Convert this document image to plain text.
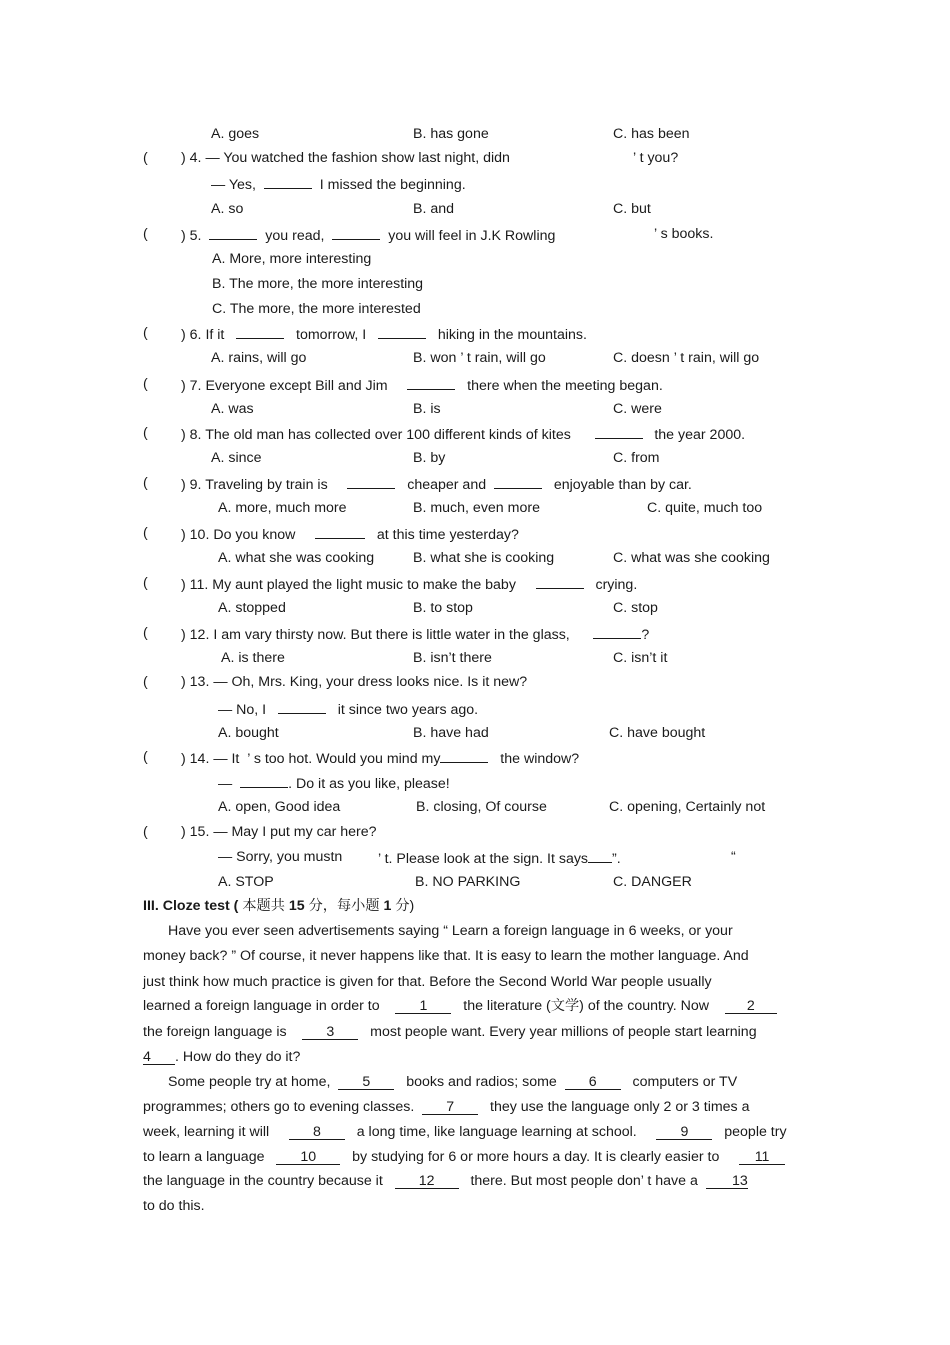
A. goes	B. has gone	C. has been
( ) 4. — You watched the fashion show last night, didn	’ t you?
— Yes,	I missed the beginning.
A. so	B. and	C. but
( ) 5.	you read,	you will feel in J.K Rowling	’ s books.
A. More, more interesting
B. The more, the more interesting
C. The more, the more interested
( ) 6. If it	tomorrow, I	hiking in the mountains.
A. rains, will go	B. won ’ t rain, will go	C. doesn ’ t rain, will go
( ) 7. Everyone except Bill and Jim	there when the meeting began.
A. was	B. is	C. were
( ) 8. The old man has collected over 100 different kinds of kites	the year 2000.
A. since	B. by	C. from
( ) 9. Traveling by train is	cheaper and	enjoyable than by car.
A. more, much more	B. much, even more	C. quite, much too
( ) 10. Do you know	at this time yesterday?
A. what she was cooking	B. what she is cooking	C. what was she cooking
( ) 11. My aunt played the light music to make the baby	crying.
A. stopped	B. to stop	C. stop
( ) 12. I am vary thirsty now. But there is little water in the glass,	?
A. is there	B. isn’t there	C. isn’t it
( ) 13. — Oh, Mrs. King, your dress looks nice. Is it new?
— No, I	it since two years ago.
A. bought	B. have had	C. have bought
( ) 14. — It ’ s too hot. Would you mind my	the window?
—	. Do it as you like, please!
A. open, Good idea	B. closing, Of course	C. opening, Certainly not
( ) 15. — May I put my car here?
— Sorry, you mustn	’ t. Please look at the sign. It says ”.	“
A. STOP	B. NO PARKING	C. DANGER
III. Cloze test ( 本题共 15 分，每小题 1 分)
Have you ever seen advertisements saying “ Learn a foreign language in 6 weeks, or your
money back? ” Of course, it never happens like that. It is easy to learn the mother language. And
just think how much practice is given for that. Before the Second World War people usually
learned a foreign language in order to	1	the literature (文学) of the country. Now	2
the foreign language is	3	most people want. Every year millions of people start learning
4 . How do they do it?
Some people try at home, 5	books and radios; some 6	computers or TV
programmes; others go to evening classes. 7	they use the language only 2 or 3 times a
week, learning it will	8	a long time, like language learning at school.	9	people try
to learn a language	10	by studying for 6 or more hours a day. It is clearly easier to 11
the language in the country because it	12	there. But most people don’ t have a 13
to do this.
